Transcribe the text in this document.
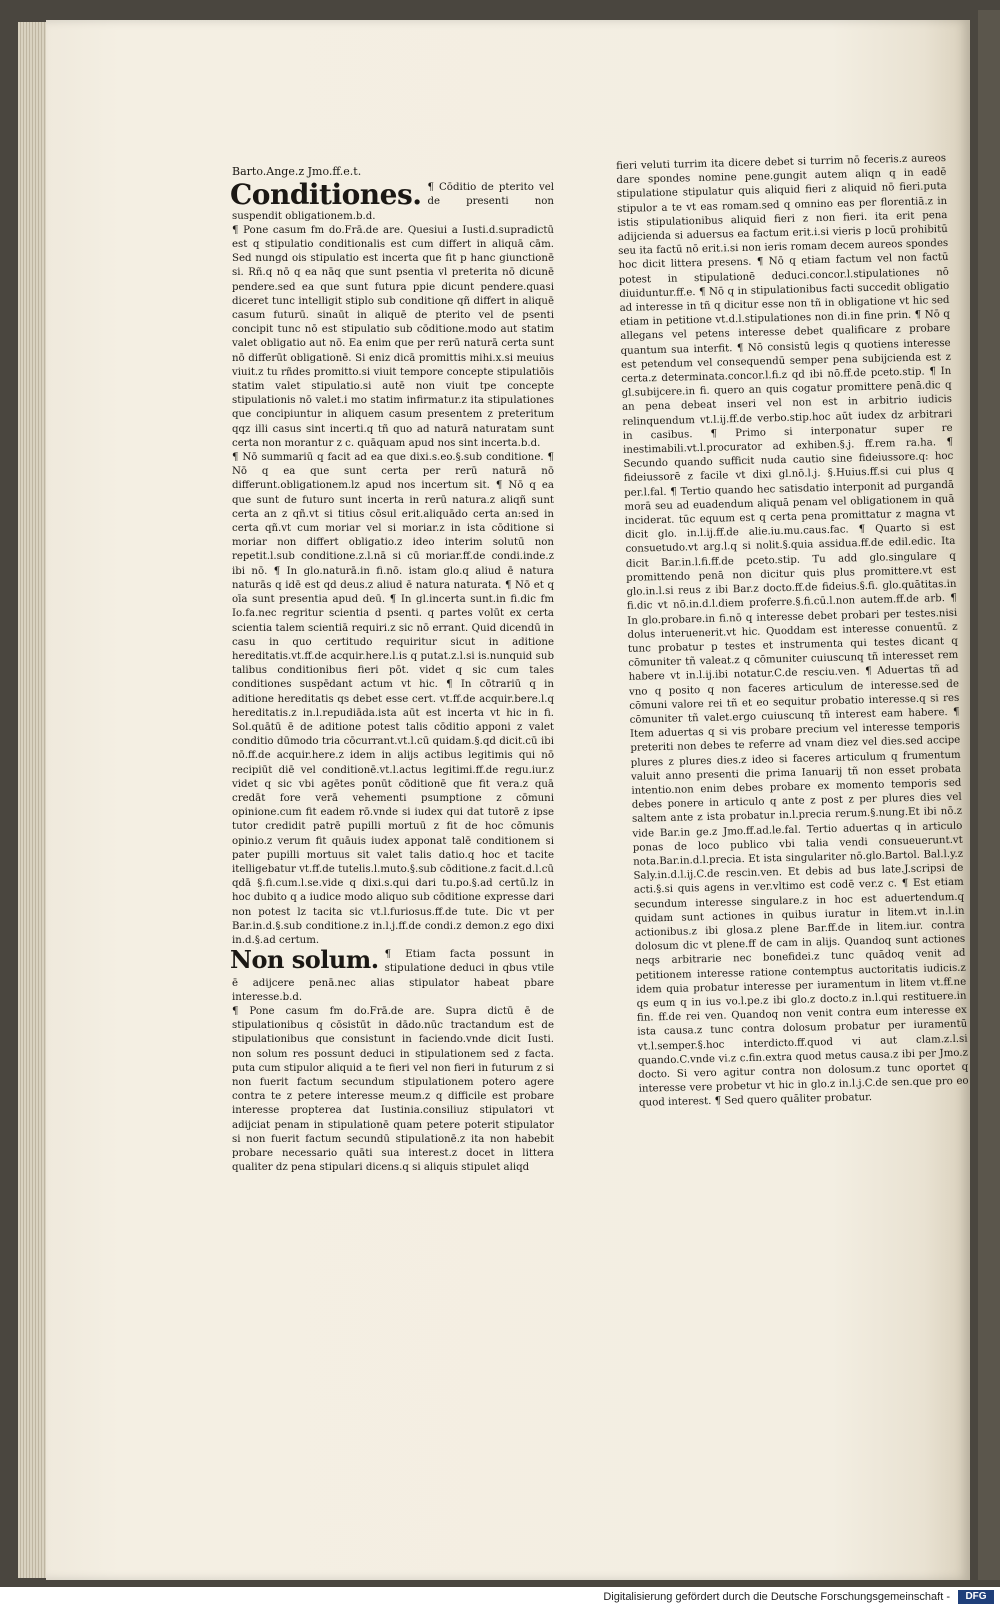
Barto.Ange.z Jmo.ff.e.t.

Conditiones. ¶ Cōditio de pterito vel de presenti non suspendit obligationem.b.d.

¶ Pone casum fm do.Frā.de are. Quesiui a Iusti.d.supradictū est q stipulatio conditionalis est cum differt in aliquā cām. Sed nungd ois stipulatio est incerta que fit p hanc giunctionē si. Rñ.q nō q ea nāq que sunt psentia vl preterita nō dicunē pendere.sed ea que sunt futura ppie dicunt pendere.quasi diceret tunc intelligit stiplo sub conditione qñ differt in aliquē casum futurū. sinaūt in aliquē de pterito vel de psenti concipit tunc nō est stipulatio sub cōditione.modo aut statim valet obligatio aut nō. Ea enim que per rerū naturā certa sunt nō differūt obligationē. Si eniz dicā promittis mihi.x.si meuius viuit.z tu rñdes promitto.si viuit tempore concepte stipulatiōis statim valet stipulatio.si autē non viuit tpe concepte stipulationis nō valet.i mo statim infirmatur.z ita stipulationes que concipiuntur in aliquem casum presentem z preteritum qqz illi casus sint incerti.q tñ quo ad naturā naturatam sunt certa non morantur z c. quāquam apud nos sint incerta.b.d.

¶ Nō summariū q facit ad ea que dixi.s.eo.§.sub conditione. ¶ Nō q ea que sunt certa per rerū naturā nō differunt.obligationem.lz apud nos incertum sit. ¶ Nō q ea que sunt de futuro sunt incerta in rerū natura.z aliqñ sunt certa an z qñ.vt si titius cōsul erit.aliquādo certa an:sed in certa qñ.vt cum moriar vel si moriar.z in ista cōditione si moriar non differt obligatio.z ideo interim solutū non repetit.l.sub conditione.z.l.nā si cū moriar.ff.de condi.inde.z ibi nō. ¶ In glo.naturā.in fi.nō. istam glo.q aliud ē natura naturās q idē est qd deus.z aliud ē natura naturata. ¶ Nō et q oīa sunt presentia apud deū. ¶ In gl.incerta sunt.in fi.dic fm Io.fa.nec regritur scientia d psenti. q partes volūt ex certa scientia talem scientiā requiri.z sic nō errant. Quid dicendū in casu in quo certitudo requiritur sicut in aditione hereditatis.vt.ff.de acquir.here.l.is q putat.z.l.si is.nunquid sub talibus conditionibus fieri pōt. videt q sic cum tales conditiones suspēdant actum vt hic. ¶ In cōtrariū q in aditione hereditatis qs debet esse cert. vt.ff.de acquir.bere.l.q hereditatis.z in.l.repudiāda.ista aūt est incerta vt hic in fi. Sol.quātū ē de aditione potest talis cōditio apponi z valet conditio dūmodo tria cōcurrant.vt.l.cū quidam.§.qd dicit.cū ibi nō.ff.de acquir.here.z idem in alijs actibus legitimis qui nō recipiūt diē vel conditionē.vt.l.actus legitimi.ff.de regu.iur.z videt q sic vbi agētes ponūt cōditionē que fit vera.z quā credāt fore verā vehementi psumptione z cōmuni opinione.cum fit eadem rō.vnde si iudex qui dat tutorē z ipse tutor credidit patrē pupilli mortuū z fit de hoc cōmunis opinio.z verum fit quāuis iudex apponat talē conditionem si pater pupilli mortuus sit valet talis datio.q hoc et tacite itelligebatur vt.ff.de tutelis.l.muto.§.sub cōditione.z facit.d.l.cū qdā §.fi.cum.l.se.vide q dixi.s.qui dari tu.po.§.ad certū.lz in hoc dubito q a iudice modo aliquo sub cōditione expresse dari non potest lz tacita sic vt.l.furiosus.ff.de tute. Dic vt per Bar.in.d.§.sub conditione.z in.l.j.ff.de condi.z demon.z ego dixi in.d.§.ad certum.

Non solum. ¶ Etiam facta possunt in stipulatione deduci in qbus vtile ē adijcere penā.nec alias stipulator habeat pbare interesse.b.d.

¶ Pone casum fm do.Frā.de are. Supra dictū ē de stipulationibus q cōsistūt in dādo.nūc tractandum est de stipulationibus que consistunt in faciendo.vnde dicit Iusti. non solum res possunt deduci in stipulationem sed z facta. puta cum stipulor aliquid a te fieri vel non fieri in futurum z si non fuerit factum secundum stipulationem potero agere contra te z petere interesse meum.z q difficile est probare interesse propterea dat Iustinia.consiliuz stipulatori vt adijciat penam in stipulationē quam petere poterit stipulator si non fuerit factum secundū stipulationē.z ita non habebit probare necessario quāti sua interest.z docet in littera qualiter dz pena stipulari dicens.q si aliquis stipulet aliqd

fieri veluti turrim ita dicere debet si turrim nō feceris.z aureos dare spondes nomine pene.gungit autem aliqn q in eadē stipulatione stipulatur quis aliquid fieri z aliquid nō fieri.puta stipulor a te vt eas romam.sed q omnino eas per florentiā.z in istis stipulationibus aliquid fieri z non fieri. ita erit pena adijcienda si aduersus ea factum erit.i.si vieris p locū prohibitū seu ita factū nō erit.i.si non ieris romam decem aureos spondes hoc dicit littera presens. ¶ Nō q etiam factum vel non factū potest in stipulationē deduci.concor.l.stipulationes nō diuiduntur.ff.e. ¶ Nō q in stipulationibus facti succedit obligatio ad interesse in tñ q dicitur esse non tñ in obligatione vt hic sed etiam in petitione vt.d.l.stipulationes non di.in fine prin. ¶ Nō q allegans vel petens interesse debet qualificare z probare quantum sua interfit. ¶ Nō consistū legis q quotiens interesse est petendum vel consequendū semper pena subijcienda est z certa.z determinata.concor.l.fi.z qd ibi nō.ff.de pceto.stip. ¶ In gl.subijcere.in fi. quero an quis cogatur promittere penā.dic q an pena debeat inseri vel non est in arbitrio iudicis relinquendum vt.l.ij.ff.de verbo.stip.hoc aūt iudex dz arbitrari in casibus. ¶ Primo si interponatur super re inestimabili.vt.l.procurator ad exhiben.§.j. ff.rem ra.ha. ¶ Secundo quando sufficit nuda cautio sine fideiussore.q: hoc fideiussorē z facile vt dixi gl.nō.l.j. §.Huius.ff.si cui plus q per.l.fal. ¶ Tertio quando hec satisdatio interponit ad purgandā morā seu ad euadendum aliquā penam vel obligationem in quā inciderat. tūc equum est q certa pena promittatur z magna vt dicit glo. in.l.ij.ff.de alie.iu.mu.caus.fac. ¶ Quarto si est consuetudo.vt arg.l.q si nolit.§.quia assidua.ff.de edil.edic. Ita dicit Bar.in.l.fi.ff.de pceto.stip. Tu add glo.singulare q promittendo penā non dicitur quis plus promittere.vt est glo.in.l.si reus z ibi Bar.z docto.ff.de fideius.§.fi. glo.quātitas.in fi.dic vt nō.in.d.l.diem proferre.§.fi.cū.l.non autem.ff.de arb. ¶ In glo.probare.in fi.nō q interesse debet probari per testes.nisi dolus interuenerit.vt hic. Quoddam est interesse conuentū. z tunc probatur p testes et instrumenta qui testes dicant q cōmuniter tñ valeat.z q cōmuniter cuiuscunq tñ interesset rem habere vt in.l.ij.ibi notatur.C.de resciu.ven. ¶ Aduertas tñ ad vno q posito q non faceres articulum de interesse.sed de cōmuni valore rei tñ et eo sequitur probatio interesse.q si res cōmuniter tñ valet.ergo cuiuscunq tñ interest eam habere. ¶ Item aduertas q si vis probare precium vel interesse temporis preteriti non debes te referre ad vnam diez vel dies.sed accipe plures z plures dies.z ideo si faceres articulum q frumentum valuit anno presenti die prima Ianuarij tñ non esset probata intentio.non enim debes probare ex momento temporis sed debes ponere in articulo q ante z post z per plures dies vel saltem ante z ista probatur in.l.precia rerum.§.nung.Et ibi nō.z vide Bar.in ge.z Jmo.ff.ad.le.fal. Tertio aduertas q in articulo ponas de loco publico vbi talia vendi consueuerunt.vt nota.Bar.in.d.l.precia. Et ista singulariter nō.glo.Bartol. Bal.l.y.z Saly.in.d.l.ij.C.de rescin.ven. Et debis ad bus late.J.scripsi de acti.§.si quis agens in ver.vltimo est codē ver.z c. ¶ Est etiam secundum interesse singulare.z in hoc est aduertendum.q quidam sunt actiones in quibus iuratur in litem.vt in.l.in actionibus.z ibi glosa.z plene Bar.ff.de in litem.iur. contra dolosum dic vt plene.ff de cam in alijs. Quandoq sunt actiones neqs arbitrarie nec bonefidei.z tunc quādoq venit ad petitionem interesse ratione contemptus auctoritatis iudicis.z idem quia probatur interesse per iuramentum in litem vt.ff.ne qs eum q in ius vo.l.pe.z ibi glo.z docto.z in.l.qui restituere.in fin. ff.de rei ven. Quandoq non venit contra eum interesse ex ista causa.z tunc contra dolosum probatur per iuramentū vt.l.semper.§.hoc interdicto.ff.quod vi aut clam.z.l.si quando.C.vnde vi.z c.fin.extra quod metus causa.z ibi per Jmo.z docto. Si vero agitur contra non dolosum.z tunc oportet q interesse vere probetur vt hic in glo.z in.l.j.C.de sen.que pro eo quod interest. ¶ Sed quero quāliter probatur.

Digitalisierung gefördert durch die Deutsche Forschungsgemeinschaft -	DFG
